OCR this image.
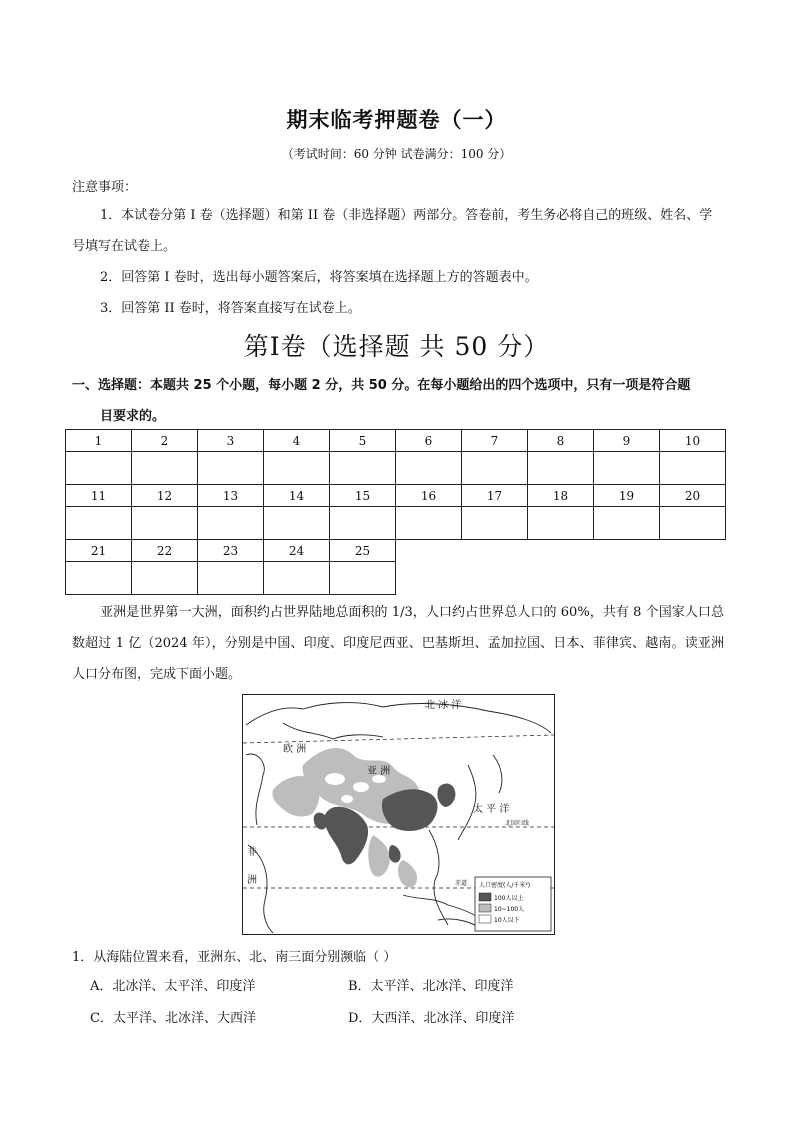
期末临考押题卷（一）
（考试时间：60 分钟 试卷满分：100 分）
注意事项：
1．本试卷分第 I 卷（选择题）和第 II 卷（非选择题）两部分。答卷前，考生务必将自己的班级、姓名、学号填写在试卷上。
2．回答第 I 卷时，选出每小题答案后，将答案填在选择题上方的答题表中。
3．回答第 II 卷时，将答案直接写在试卷上。
第I卷（选择题 共 50 分）
一、选择题：本题共 25 个小题，每小题 2 分，共 50 分。在每小题给出的四个选项中，只有一项是符合题
目要求的。
1	2	3	4	5	6	7	8	9	10

11	12	13	14	15	16	17	18	19	20

21	22	23	24	25					

亚洲是世界第一大洲，面积约占世界陆地总面积的 1/3，人口约占世界总人口的 60%，共有 8 个国家人口总数超过 1 亿（2024 年），分别是中国、印度、印度尼西亚、巴基斯坦、孟加拉国、日本、菲律宾、越南。读亚洲人口分布图，完成下面小题。
北 冰 洋
欧 洲
亚 洲
太 平 洋
非
洲
北回归线
赤道 人口密度(人/千米²)
100人以上
10~100人
10人以下
1．从海陆位置来看，亚洲东、北、南三面分别濒临（ ）
A．北冰洋、太平洋、印度洋	B．太平洋、北冰洋、印度洋
C．太平洋、北冰洋、大西洋	D．大西洋、北冰洋、印度洋
